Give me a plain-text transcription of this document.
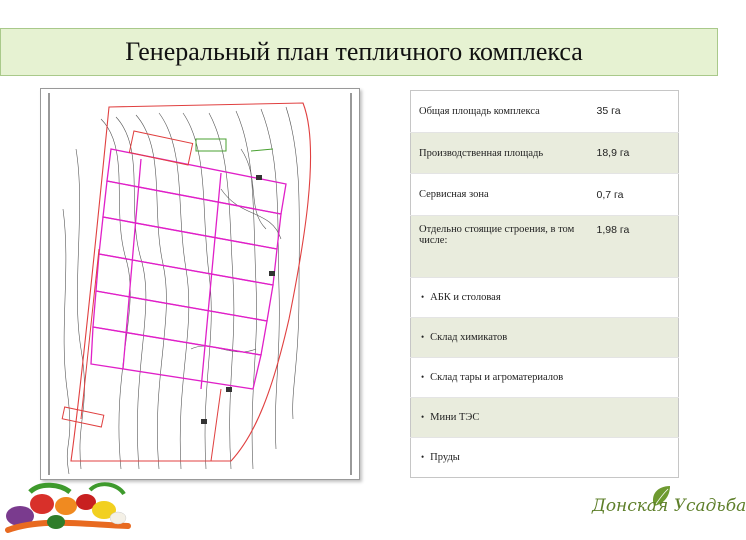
Генеральный план тепличного комплекса
Общая площадь комплекса	35 га
Производственная площадь	18,9 га
Сервисная зона	0,7 га
Отдельно стоящие строения, в том числе:	1,98 га
• АБК и столовая
• Склад химикатов
• Склад тары и агроматериалов
• Мини ТЭС
• Пруды
Донская Усадьба
